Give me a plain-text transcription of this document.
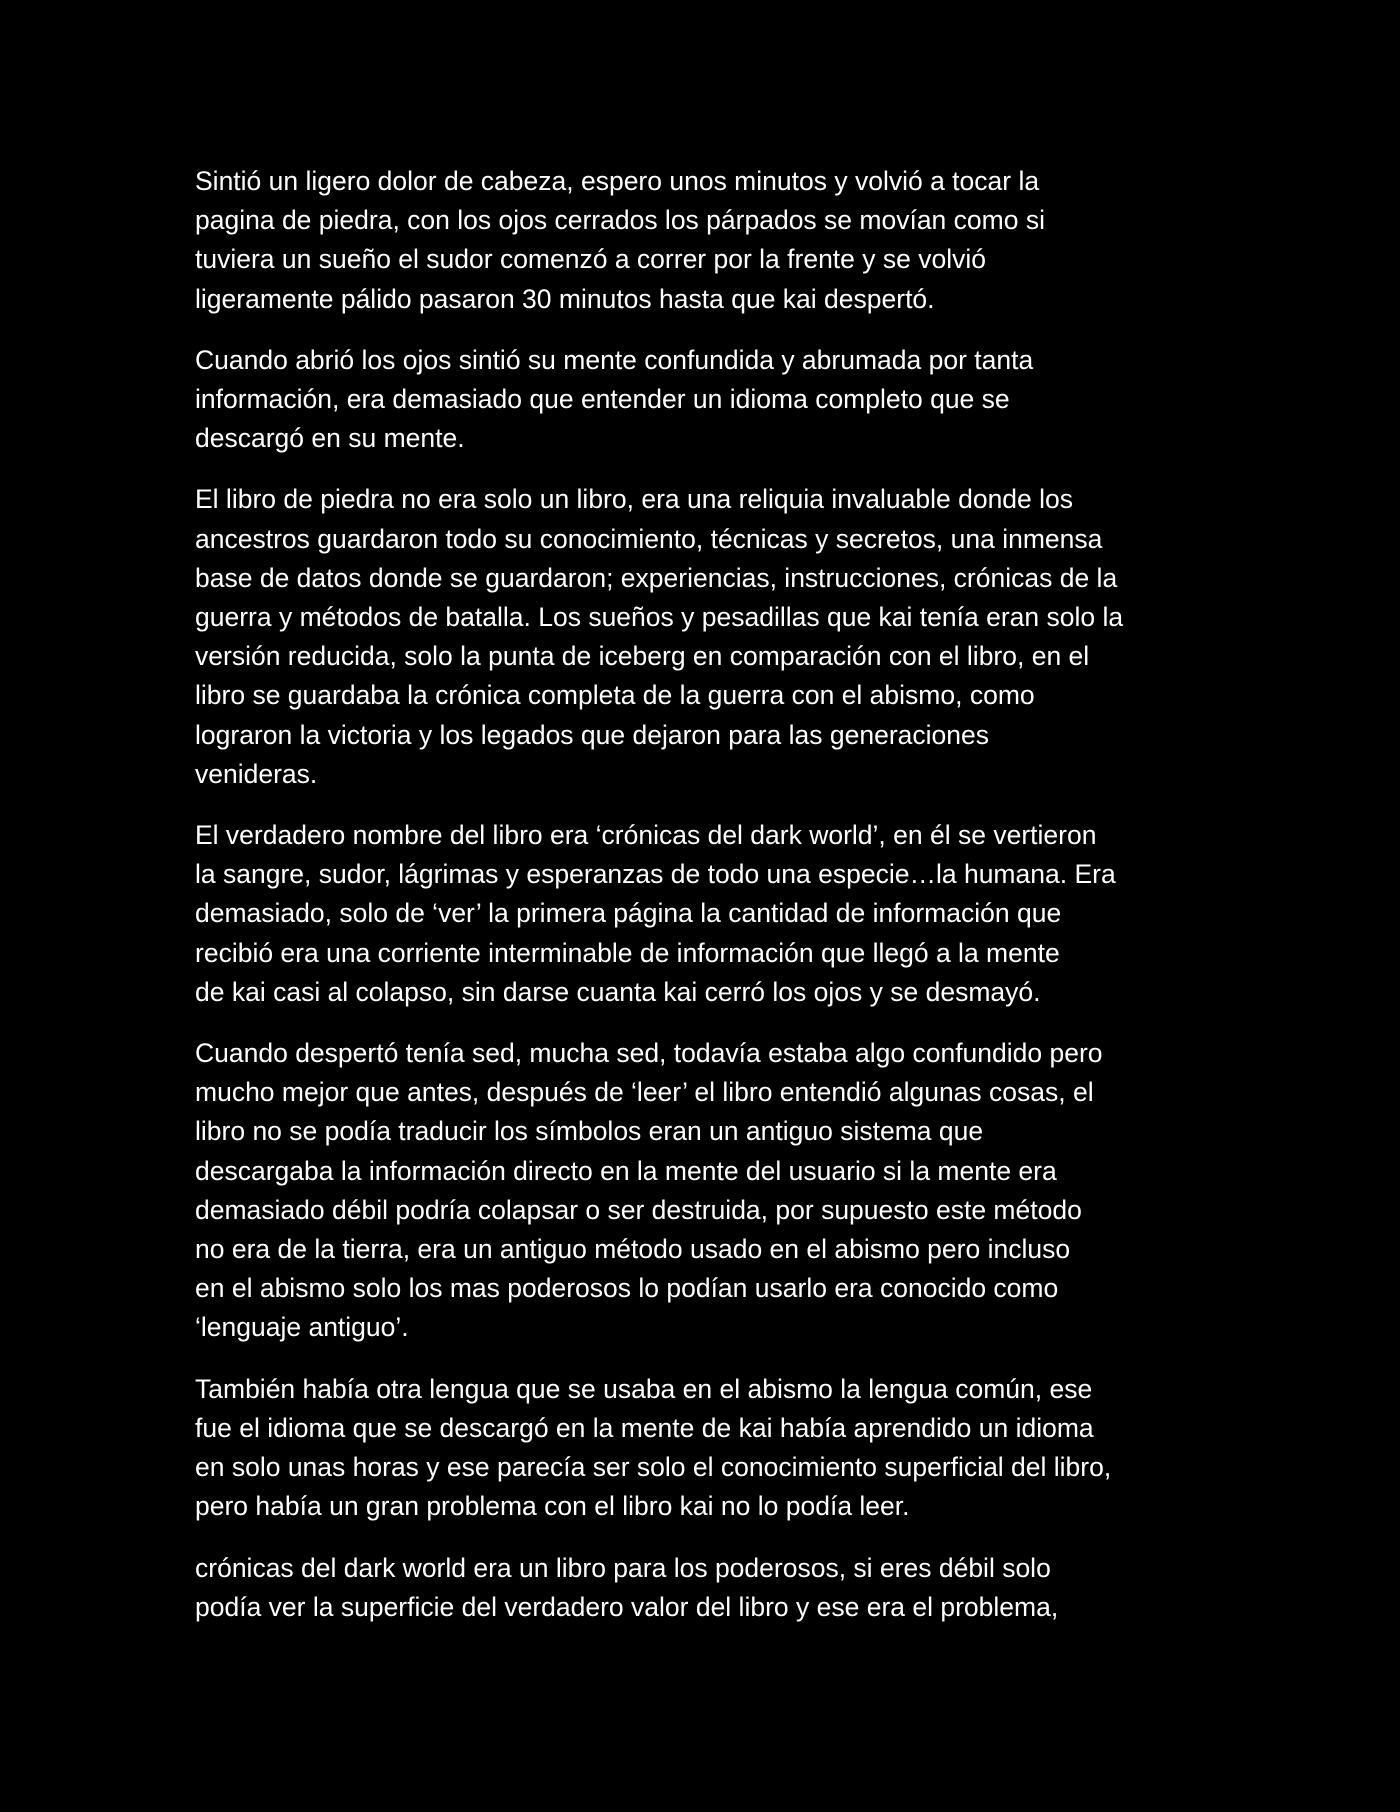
Sintió un ligero dolor de cabeza, espero unos minutos y volvió a tocar la
pagina de piedra, con los ojos cerrados los párpados se movían como si
tuviera un sueño el sudor comenzó a correr por la frente y se volvió
ligeramente pálido pasaron 30 minutos hasta que kai despertó.

Cuando abrió los ojos sintió su mente confundida y abrumada por tanta
información, era demasiado que entender un idioma completo que se
descargó en su mente.

El libro de piedra no era solo un libro, era una reliquia invaluable donde los
ancestros guardaron todo su conocimiento, técnicas y secretos, una inmensa
base de datos donde se guardaron; experiencias, instrucciones, crónicas de la
guerra y métodos de batalla. Los sueños y pesadillas que kai tenía eran solo la
versión reducida, solo la punta de iceberg en comparación con el libro, en el
libro se guardaba la crónica completa de la guerra con el abismo, como
lograron la victoria y los legados que dejaron para las generaciones
venideras.

El verdadero nombre del libro era ‘crónicas del dark world’, en él se vertieron
la sangre, sudor, lágrimas y esperanzas de todo una especie…la humana. Era
demasiado, solo de ‘ver’ la primera página la cantidad de información que
recibió era una corriente interminable de información que llegó a la mente
de kai casi al colapso, sin darse cuanta kai cerró los ojos y se desmayó.

Cuando despertó tenía sed, mucha sed, todavía estaba algo confundido pero
mucho mejor que antes, después de ‘leer’ el libro entendió algunas cosas, el
libro no se podía traducir los símbolos eran un antiguo sistema que
descargaba la información directo en la mente del usuario si la mente era
demasiado débil podría colapsar o ser destruida, por supuesto este método
no era de la tierra, era un antiguo método usado en el abismo pero incluso
en el abismo solo los mas poderosos lo podían usarlo era conocido como
‘lenguaje antiguo’.

También había otra lengua que se usaba en el abismo la lengua común, ese
fue el idioma que se descargó en la mente de kai había aprendido un idioma
en solo unas horas y ese parecía ser solo el conocimiento superficial del libro,
pero había un gran problema con el libro kai no lo podía leer.

crónicas del dark world era un libro para los poderosos, si eres débil solo
podía ver la superficie del verdadero valor del libro y ese era el problema,
